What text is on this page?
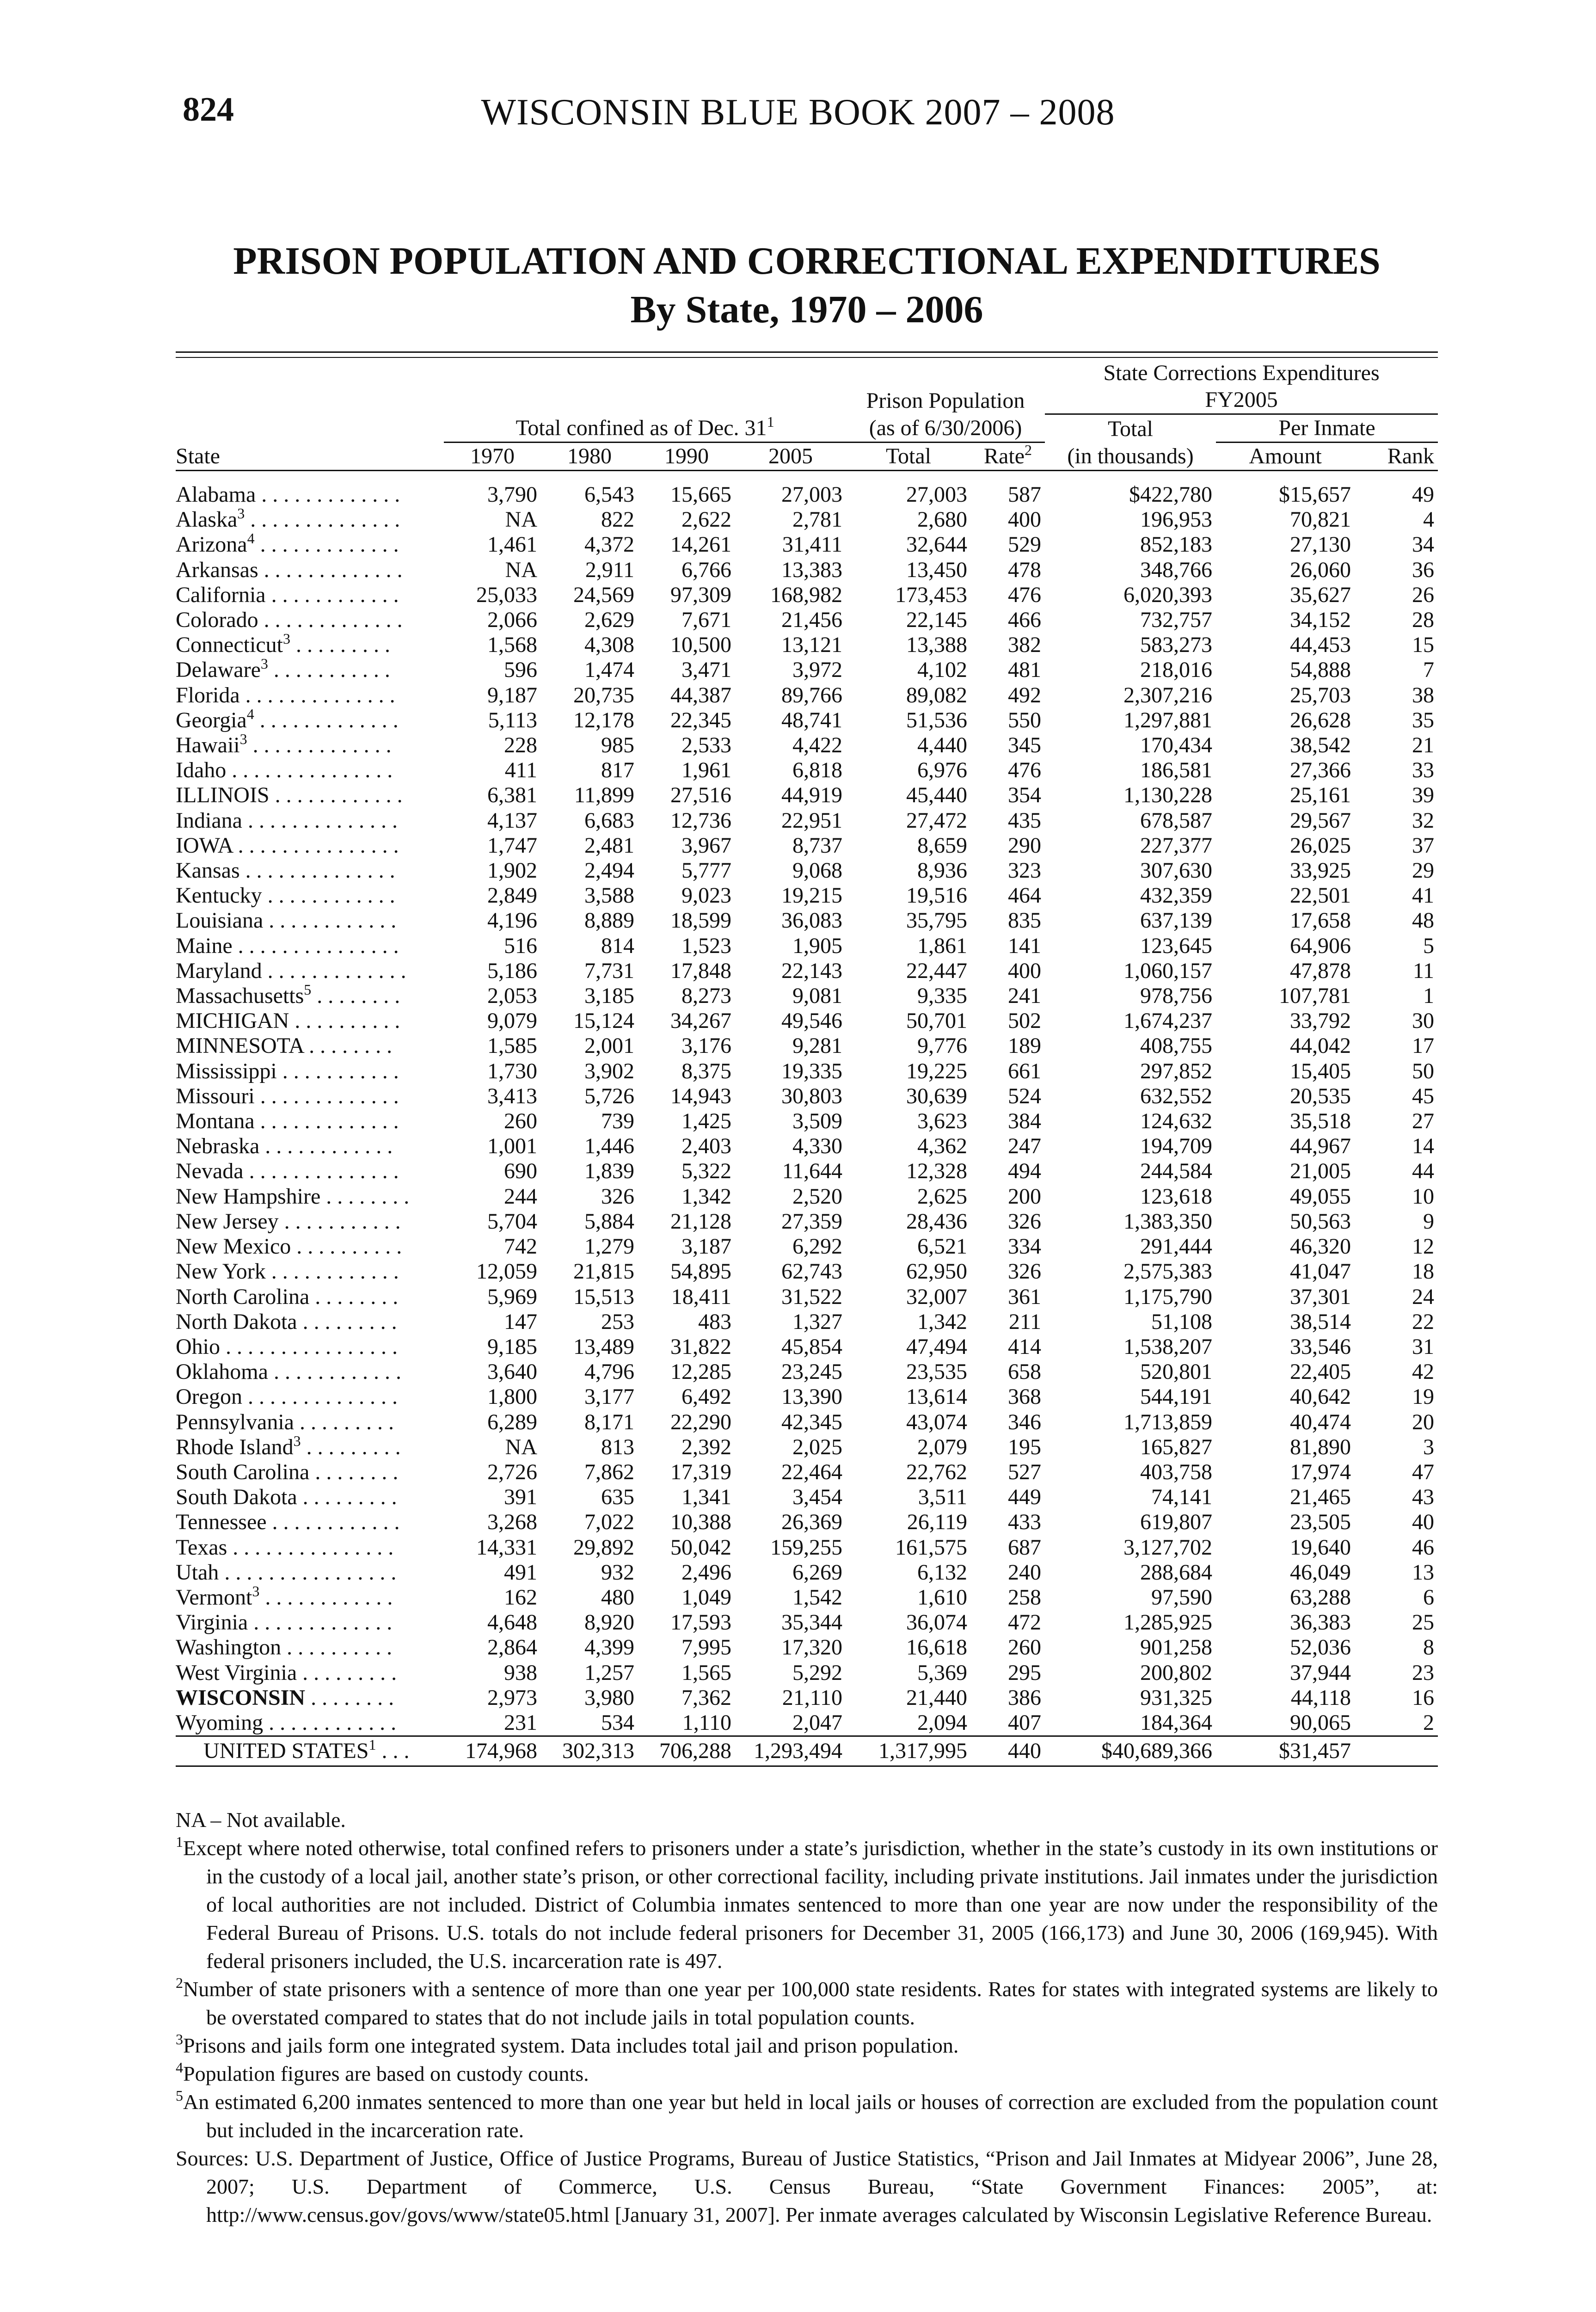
824	WISCONSIN BLUE BOOK 2007 – 2008
PRISON POPULATION AND CORRECTIONAL EXPENDITURES
By State, 1970 – 2006
							State Corrections Expenditures		
					Prison Population		FY2005		
	Total confined as of Dec. $31^1$				(as of 6/30/2006)		Total	Per Inmate	
State	1970	1980	1990	2005	Total	Rate$^2$	(in thousands)	Amount	Rank
Alabama . . . . . . . . . . . . .	3,790	6,543	15,665	27,003	27,003	587	$422,780	$15,657	49
Alaska$^3$ . . . . . . . . . . . . . .	NA	822	2,622	2,781	2,680	400	196,953	70,821	4
Arizona$^4$ . . . . . . . . . . . . .	1,461	4,372	14,261	31,411	32,644	529	852,183	27,130	34
Arkansas . . . . . . . . . . . . .	NA	2,911	6,766	13,383	13,450	478	348,766	26,060	36
California . . . . . . . . . . . .	25,033	24,569	97,309	168,982	173,453	476	6,020,393	35,627	26
Colorado . . . . . . . . . . . . .	2,066	2,629	7,671	21,456	22,145	466	732,757	34,152	28
Connecticut$^3$ . . . . . . . . .	1,568	4,308	10,500	13,121	13,388	382	583,273	44,453	15
Delaware$^3$ . . . . . . . . . . .	596	1,474	3,471	3,972	4,102	481	218,016	54,888	7
Florida . . . . . . . . . . . . . .	9,187	20,735	44,387	89,766	89,082	492	2,307,216	25,703	38
Georgia$^4$ . . . . . . . . . . . . .	5,113	12,178	22,345	48,741	51,536	550	1,297,881	26,628	35
Hawaii$^3$ . . . . . . . . . . . . .	228	985	2,533	4,422	4,440	345	170,434	38,542	21
Idaho . . . . . . . . . . . . . . .	411	817	1,961	6,818	6,976	476	186,581	27,366	33
ILLINOIS . . . . . . . . . . . .	6,381	11,899	27,516	44,919	45,440	354	1,130,228	25,161	39
Indiana . . . . . . . . . . . . . .	4,137	6,683	12,736	22,951	27,472	435	678,587	29,567	32
IOWA . . . . . . . . . . . . . . .	1,747	2,481	3,967	8,737	8,659	290	227,377	26,025	37
Kansas . . . . . . . . . . . . . .	1,902	2,494	5,777	9,068	8,936	323	307,630	33,925	29
Kentucky . . . . . . . . . . . .	2,849	3,588	9,023	19,215	19,516	464	432,359	22,501	41
Louisiana . . . . . . . . . . . .	4,196	8,889	18,599	36,083	35,795	835	637,139	17,658	48
Maine . . . . . . . . . . . . . . .	516	814	1,523	1,905	1,861	141	123,645	64,906	5
Maryland . . . . . . . . . . . . .	5,186	7,731	17,848	22,143	22,447	400	1,060,157	47,878	11
Massachusetts$^5$ . . . . . . . .	2,053	3,185	8,273	9,081	9,335	241	978,756	107,781	1
MICHIGAN . . . . . . . . . .	9,079	15,124	34,267	49,546	50,701	502	1,674,237	33,792	30
MINNESOTA . . . . . . . .	1,585	2,001	3,176	9,281	9,776	189	408,755	44,042	17
Mississippi . . . . . . . . . . .	1,730	3,902	8,375	19,335	19,225	661	297,852	15,405	50
Missouri . . . . . . . . . . . . .	3,413	5,726	14,943	30,803	30,639	524	632,552	20,535	45
Montana . . . . . . . . . . . . .	260	739	1,425	3,509	3,623	384	124,632	35,518	27
Nebraska . . . . . . . . . . . .	1,001	1,446	2,403	4,330	4,362	247	194,709	44,967	14
Nevada . . . . . . . . . . . . . .	690	1,839	5,322	11,644	12,328	494	244,584	21,005	44
New Hampshire . . . . . . . .	244	326	1,342	2,520	2,625	200	123,618	49,055	10
New Jersey . . . . . . . . . . .	5,704	5,884	21,128	27,359	28,436	326	1,383,350	50,563	9
New Mexico . . . . . . . . . .	742	1,279	3,187	6,292	6,521	334	291,444	46,320	12
New York . . . . . . . . . . . .	12,059	21,815	54,895	62,743	62,950	326	2,575,383	41,047	18
North Carolina . . . . . . . .	5,969	15,513	18,411	31,522	32,007	361	1,175,790	37,301	24
North Dakota . . . . . . . . .	147	253	483	1,327	1,342	211	51,108	38,514	22
Ohio . . . . . . . . . . . . . . . .	9,185	13,489	31,822	45,854	47,494	414	1,538,207	33,546	31
Oklahoma . . . . . . . . . . . .	3,640	4,796	12,285	23,245	23,535	658	520,801	22,405	42
Oregon . . . . . . . . . . . . . .	1,800	3,177	6,492	13,390	13,614	368	544,191	40,642	19
Pennsylvania . . . . . . . . .	6,289	8,171	22,290	42,345	43,074	346	1,713,859	40,474	20
Rhode Island$^3$ . . . . . . . . .	NA	813	2,392	2,025	2,079	195	165,827	81,890	3
South Carolina . . . . . . . .	2,726	7,862	17,319	22,464	22,762	527	403,758	17,974	47
South Dakota . . . . . . . . .	391	635	1,341	3,454	3,511	449	74,141	21,465	43
Tennessee . . . . . . . . . . . .	3,268	7,022	10,388	26,369	26,119	433	619,807	23,505	40
Texas . . . . . . . . . . . . . . .	14,331	29,892	50,042	159,255	161,575	687	3,127,702	19,640	46
Utah . . . . . . . . . . . . . . . .	491	932	2,496	6,269	6,132	240	288,684	46,049	13
Vermont$^3$ . . . . . . . . . . . .	162	480	1,049	1,542	1,610	258	97,590	63,288	6
Virginia . . . . . . . . . . . . .	4,648	8,920	17,593	35,344	36,074	472	1,285,925	36,383	25
Washington . . . . . . . . . .	2,864	4,399	7,995	17,320	16,618	260	901,258	52,036	8
West Virginia . . . . . . . . .	938	1,257	1,565	5,292	5,369	295	200,802	37,944	23
WISCONSIN . . . . . . . .	2,973	3,980	7,362	21,110	21,440	386	931,325	44,118	16
Wyoming . . . . . . . . . . . .	231	534	1,110	2,047	2,094	407	184,364	90,065	2
UNITED STATES$^1$ . . .	174,968	302,313	706,288	1,293,494	1,317,995	440	$40,689,366	$31,457	

NA – Not available.

$^1$Except where noted otherwise, total confined refers to prisoners under a state’s jurisdiction, whether in the state’s custody in its own institutions or in the custody of a local jail, another state’s prison, or other correctional facility, including private institutions. Jail inmates under the jurisdiction of local authorities are not included. District of Columbia inmates sentenced to more than one year are now under the responsibility of the Federal Bureau of Prisons. U.S. totals do not include federal prisoners for December 31, 2005 (166,173) and June 30, 2006 (169,945). With federal prisoners included, the U.S. incarceration rate is 497.

$^2$Number of state prisoners with a sentence of more than one year per 100,000 state residents. Rates for states with integrated systems are likely to be overstated compared to states that do not include jails in total population counts.

$^3$Prisons and jails form one integrated system. Data includes total jail and prison population.

$^4$Population figures are based on custody counts.

$^5$An estimated 6,200 inmates sentenced to more than one year but held in local jails or houses of correction are excluded from the population count but included in the incarceration rate.

Sources: U.S. Department of Justice, Office of Justice Programs, Bureau of Justice Statistics, “Prison and Jail Inmates at Midyear 2006”, June 28, 2007; U.S. Department of Commerce, U.S. Census Bureau, “State Government Finances: 2005”, at: http://www.census.gov/govs/www/state05.html [January 31, 2007]. Per inmate averages calculated by Wisconsin Legislative Reference Bureau.
